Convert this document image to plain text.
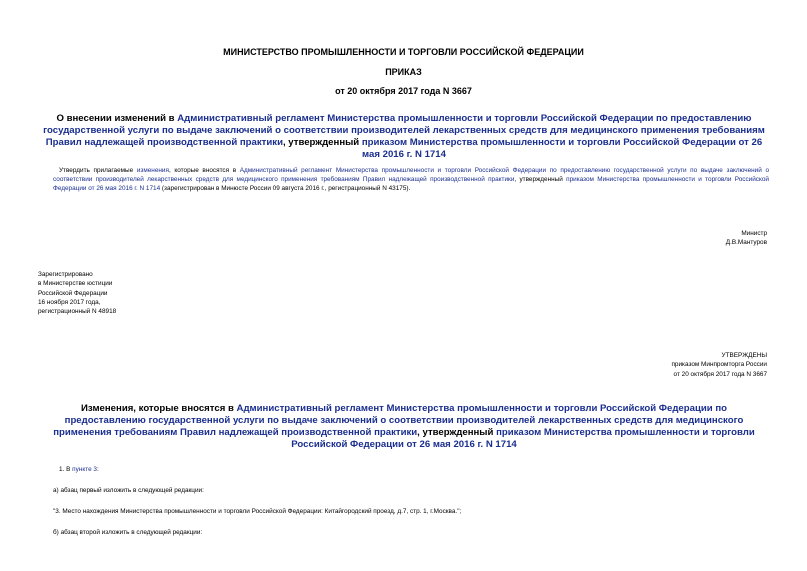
МИНИСТЕРСТВО ПРОМЫШЛЕННОСТИ И ТОРГОВЛИ РОССИЙСКОЙ ФЕДЕРАЦИИ
ПРИКАЗ
от 20 октября 2017 года N 3667
О внесении изменений в Административный регламент Министерства промышленности и торговли Российской Федерации по предоставлению государственной услуги по выдаче заключений о соответствии производителей лекарственных средств для медицинского применения требованиям Правил надлежащей производственной практики, утвержденный приказом Министерства промышленности и торговли Российской Федерации от 26 мая 2016 г. N 1714
Утвердить прилагаемые изменения, которые вносятся в Административный регламент Министерства промышленности и торговли Российской Федерации по предоставлению государственной услуги по выдаче заключений о соответствии производителей лекарственных средств для медицинского применения требованиям Правил надлежащей производственной практики, утвержденный приказом Министерства промышленности и торговли Российской Федерации от 26 мая 2016 г. N 1714 (зарегистрирован в Минюсте России 09 августа 2016 г., регистрационный N 43175).
Министр
Д.В.Мантуров
Зарегистрировано
в Министерстве юстиции
Российской Федерации
16 ноября 2017 года,
регистрационный N 48918
УТВЕРЖДЕНЫ
приказом Минпромторга России
от 20 октября 2017 года N 3667
Изменения, которые вносятся в Административный регламент Министерства промышленности и торговли Российской Федерации по предоставлению государственной услуги по выдаче заключений о соответствии производителей лекарственных средств для медицинского применения требованиям Правил надлежащей производственной практики, утвержденный приказом Министерства промышленности и торговли Российской Федерации от 26 мая 2016 г. N 1714
1. В пункте 3:
а) абзац первый изложить в следующей редакции:
"3. Место нахождения Министерства промышленности и торговли Российской Федерации: Китайгородский проезд, д.7, стр. 1, г.Москва.";
б) абзац второй изложить в следующей редакции:
